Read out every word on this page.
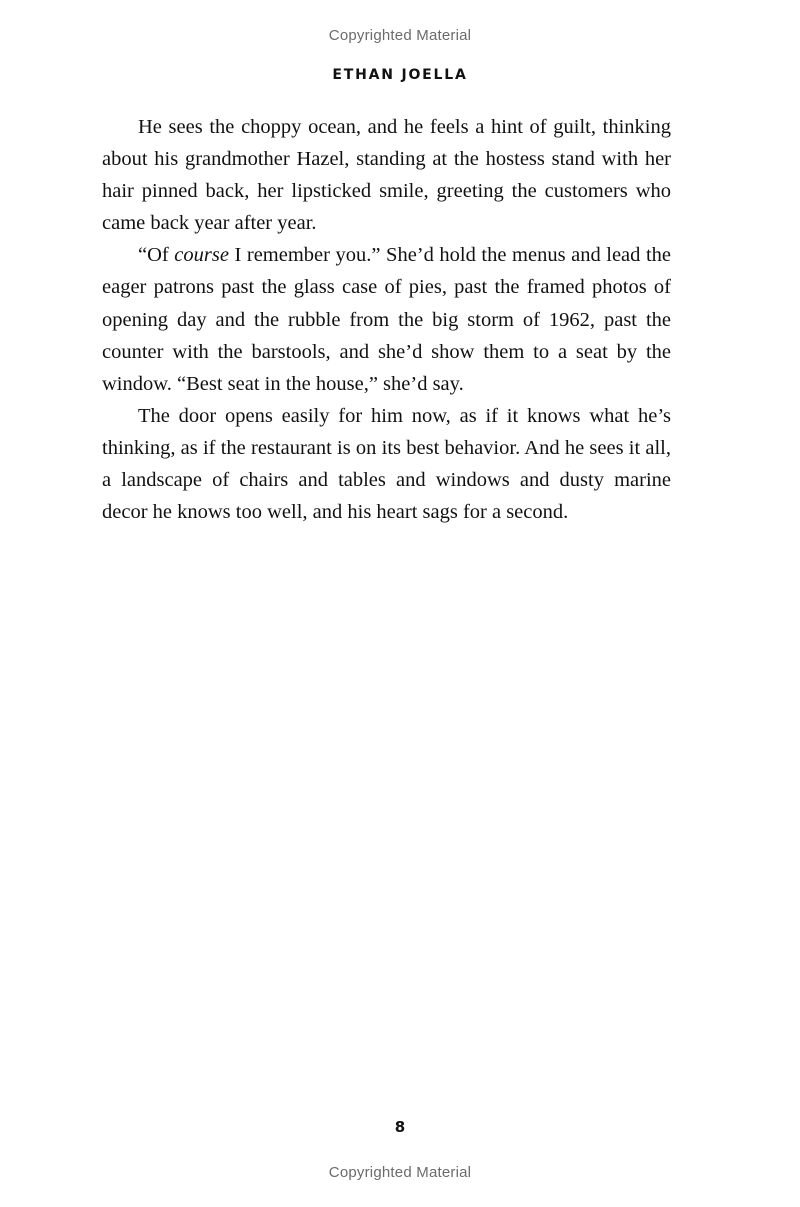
Copyrighted Material
ETHAN JOELLA

He sees the choppy ocean, and he feels a hint of guilt, thinking about his grandmother Hazel, standing at the hostess stand with her hair pinned back, her lipsticked smile, greeting the customers who came back year after year.

“Of course I remember you.” She’d hold the menus and lead the eager patrons past the glass case of pies, past the framed photos of opening day and the rubble from the big storm of 1962, past the counter with the barstools, and she’d show them to a seat by the window. “Best seat in the house,” she’d say.

The door opens easily for him now, as if it knows what he’s thinking, as if the restaurant is on its best behavior. And he sees it all, a landscape of chairs and tables and windows and dusty marine decor he knows too well, and his heart sags for a second.

8
Copyrighted Material
